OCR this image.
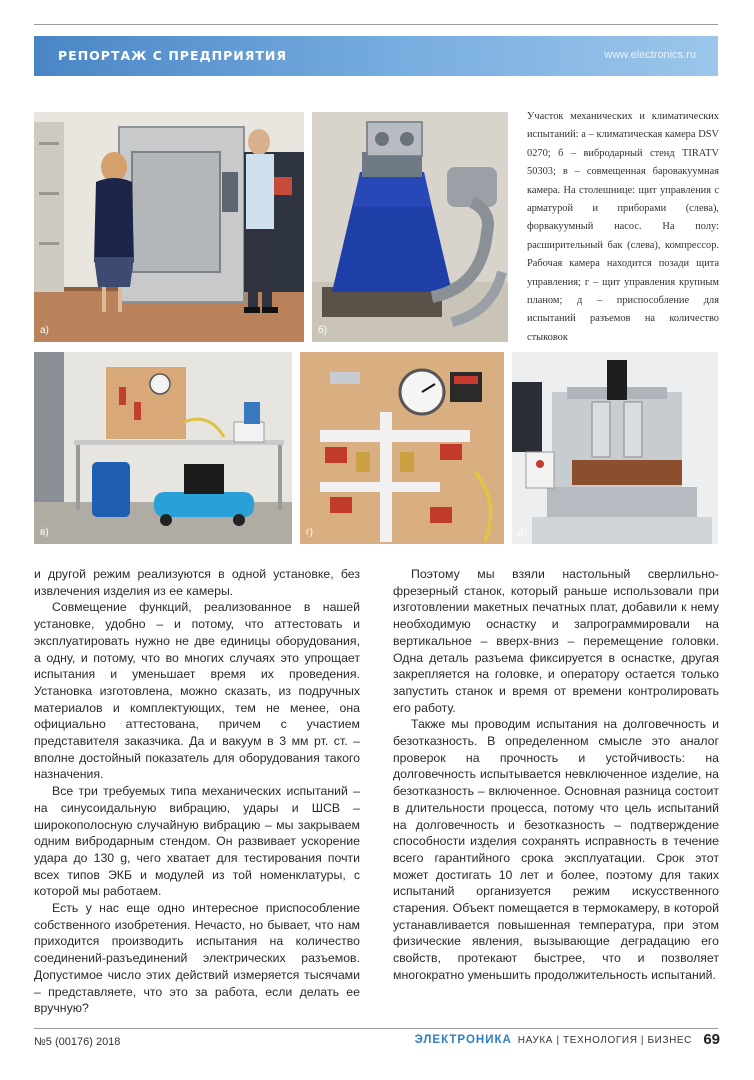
РЕПОРТАЖ С ПРЕДПРИЯТИЯ	www.electronics.ru
а)	б)
Участок механических и климатических испытаний: а – климатическая камера DSV 0270; б – вибродарный стенд TIRATV 50303; в – совмещенная баровакуумная камера. На столешнице: щит управления с арматурой и приборами (слева), форвакуумный насос. На полу: расширительный бак (слева), компрессор. Рабочая камера находится позади щита управления; г – щит управления крупным планом; д – приспособление для испытаний разъемов на количество стыковок
в)	г)	д)

и другой режим реализуются в одной установке, без извлечения изделия из ее камеры.

Совмещение функций, реализованное в нашей установке, удобно – и потому, что аттестовать и эксплуатировать нужно не две единицы оборудования, а одну, и потому, что во многих случаях это упрощает испытания и уменьшает время их проведения. Установка изготовлена, можно сказать, из подручных материалов и комплектующих, тем не менее, она официально аттестована, причем с участием представителя заказчика. Да и вакуум в 3 мм рт. ст. – вполне достойный показатель для оборудования такого назначения.

Все три требуемых типа механических испытаний – на синусоидальную вибрацию, удары и ШСВ – широкополосную случайную вибрацию – мы закрываем одним вибродарным стендом. Он развивает ускорение удара до 130 g, чего хватает для тестирования почти всех типов ЭКБ и модулей из той номенклатуры, с которой мы работаем.

Есть у нас еще одно интересное приспособление собственного изобретения. Нечасто, но бывает, что нам приходится производить испытания на количество соединений-разъединений электрических разъемов. Допустимое число этих действий измеряется тысячами – представляете, что это за работа, если делать ее вручную?

Поэтому мы взяли настольный сверлильно-фрезерный станок, который раньше использовали при изготовлении макетных печатных плат, добавили к нему необходимую оснастку и запрограммировали на вертикальное – вверх-вниз – перемещение головки. Одна деталь разъема фиксируется в оснастке, другая закрепляется на головке, и оператору остается только запустить станок и время от времени контролировать его работу.

Также мы проводим испытания на долговечность и безотказность. В определенном смысле это аналог проверок на прочность и устойчивость: на долговечность испытывается невключенное изделие, на безотказность – включенное. Основная разница состоит в длительности процесса, потому что цель испытаний на долговечность и безотказность – подтверждение способности изделия сохранять исправность в течение всего гарантийного срока эксплуатации. Срок этот может достигать 10 лет и более, поэтому для таких испытаний организуется режим искусственного старения. Объект помещается в термокамеру, в которой устанавливается повышенная температура, при этом физические явления, вызывающие деградацию его свойств, протекают быстрее, что и позволяет многократно уменьшить продолжительность испытаний.

№5 (00176) 2018	ЭЛЕКТРОНИКА НАУКА | ТЕХНОЛОГИЯ | БИЗНЕС 69
